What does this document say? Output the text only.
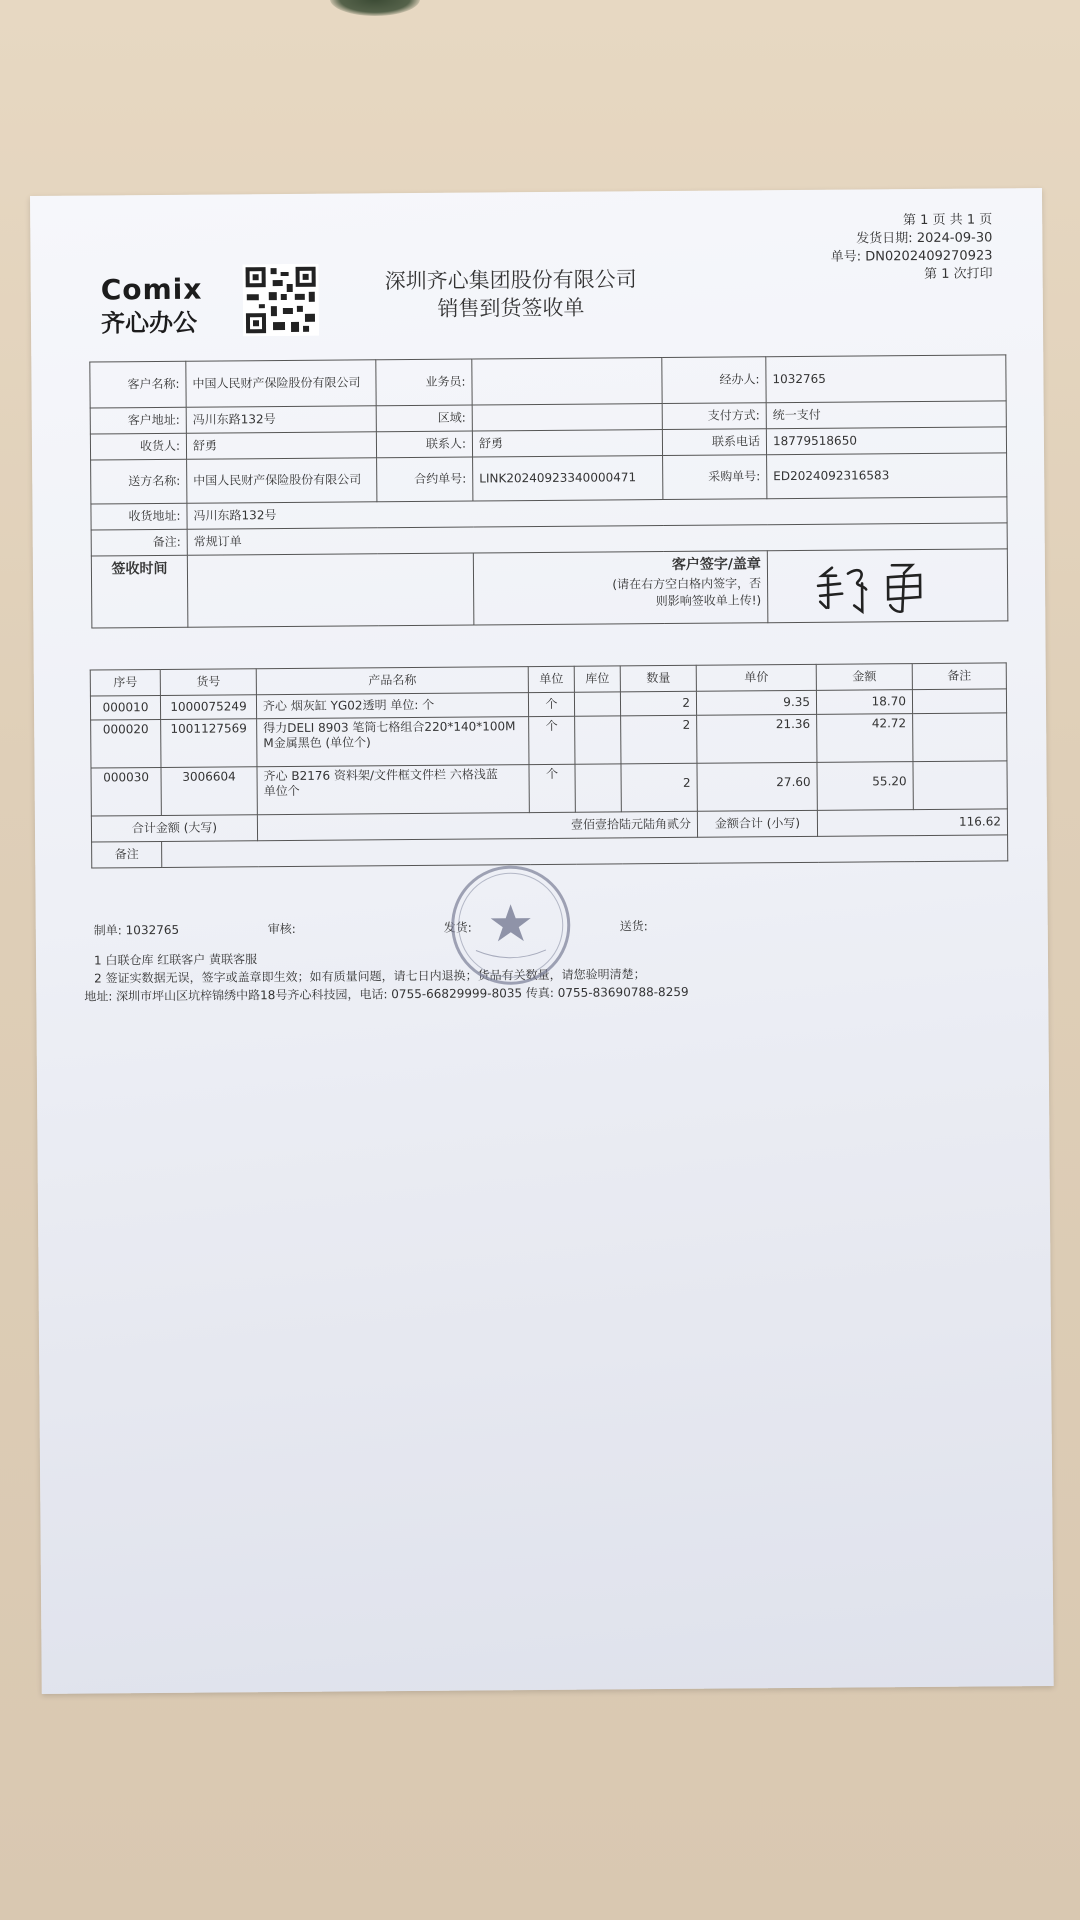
Comix
齐心办公
深圳齐心集团股份有限公司
销售到货签收单
第 1 页 共 1 页
发货日期: 2024-09-30
单号: DN0202409270923
第 1 次打印
客户名称:	中国人民财产保险股份有限公司	业务员:		经办人:	1032765
客户地址:	冯川东路132号	区域:		支付方式:	统一支付
收货人:	舒勇	联系人:	舒勇	联系电话	18779518650
送方名称:	中国人民财产保险股份有限公司	合约单号:	LINK20240923340000471	采购单号:	ED2024092316583
收货地址:	冯川东路132号				
备注:	常规订单				
签收时间			客户签字/盖章
(请在右方空白格内签字，否
则影响签收单上传!)

序号	货号	产品名称	单位	库位	数量	单价	金额	备注
000010	1000075249	齐心 烟灰缸 YG02透明 单位: 个	个		2	9.35	18.70	
000020	1001127569	得力DELI 8903 笔筒七格组合220*140*100M
M金属黑色 (单位个)	个		2	21.36	42.72	
000030	3006604	齐心 B2176 资料架/文件框文件栏 六格浅蓝
单位个	个		2	27.60	55.20	
合计金额 (大写)		壹佰壹拾陆元陆角贰分				金额合计 (小写)	116.62	
备注								
制单: 1032765	审核:	发货:	送货:
1 白联仓库 红联客户 黄联客服
2 签证实数据无误，签字或盖章即生效；如有质量问题，请七日内退换；货品有关数量，请您验明清楚；
地址: 深圳市坪山区坑梓锦绣中路18号齐心科技园，电话: 0755-66829999-8035 传真: 0755-83690788-8259
